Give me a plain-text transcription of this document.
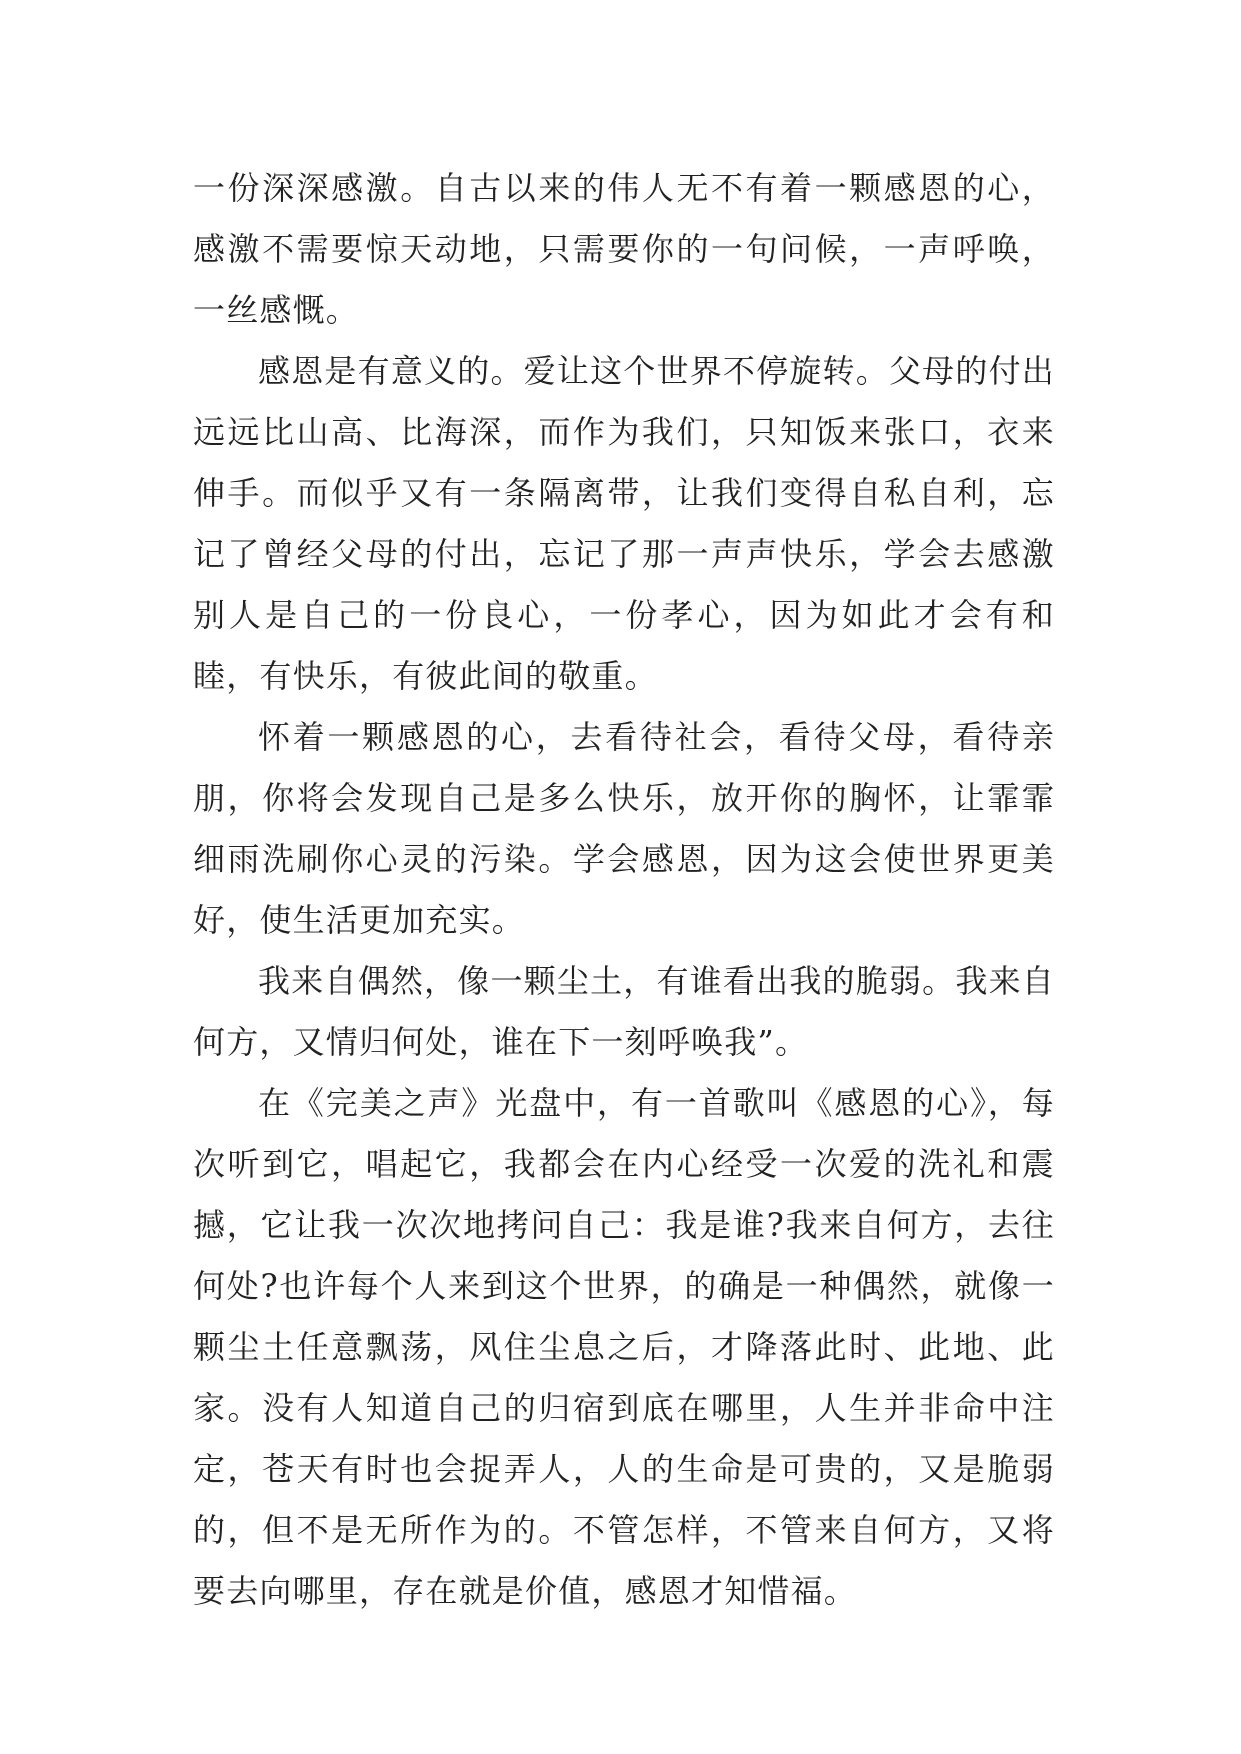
一份深深感激。自古以来的伟人无不有着一颗感恩的心，感激不需要惊天动地，只需要你的一句问候，一声呼唤，一丝感慨。

感恩是有意义的。爱让这个世界不停旋转。父母的付出远远比山高、比海深，而作为我们，只知饭来张口，衣来伸手。而似乎又有一条隔离带，让我们变得自私自利，忘记了曾经父母的付出，忘记了那一声声快乐，学会去感激别人是自己的一份良心，一份孝心，因为如此才会有和睦，有快乐，有彼此间的敬重。

怀着一颗感恩的心，去看待社会，看待父母，看待亲朋，你将会发现自己是多么快乐，放开你的胸怀，让霏霏细雨洗刷你心灵的污染。学会感恩，因为这会使世界更美好，使生活更加充实。

我来自偶然，像一颗尘土，有谁看出我的脆弱。我来自何方，又情归何处，谁在下一刻呼唤我”。

在《完美之声》光盘中，有一首歌叫《感恩的心》，每次听到它，唱起它，我都会在内心经受一次爱的洗礼和震撼，它让我一次次地拷问自己：我是谁?我来自何方，去往何处?也许每个人来到这个世界，的确是一种偶然，就像一颗尘土任意飘荡，风住尘息之后，才降落此时、此地、此家。没有人知道自己的归宿到底在哪里，人生并非命中注定，苍天有时也会捉弄人，人的生命是可贵的，又是脆弱的，但不是无所作为的。不管怎样，不管来自何方，又将要去向哪里，存在就是价值，感恩才知惜福。
